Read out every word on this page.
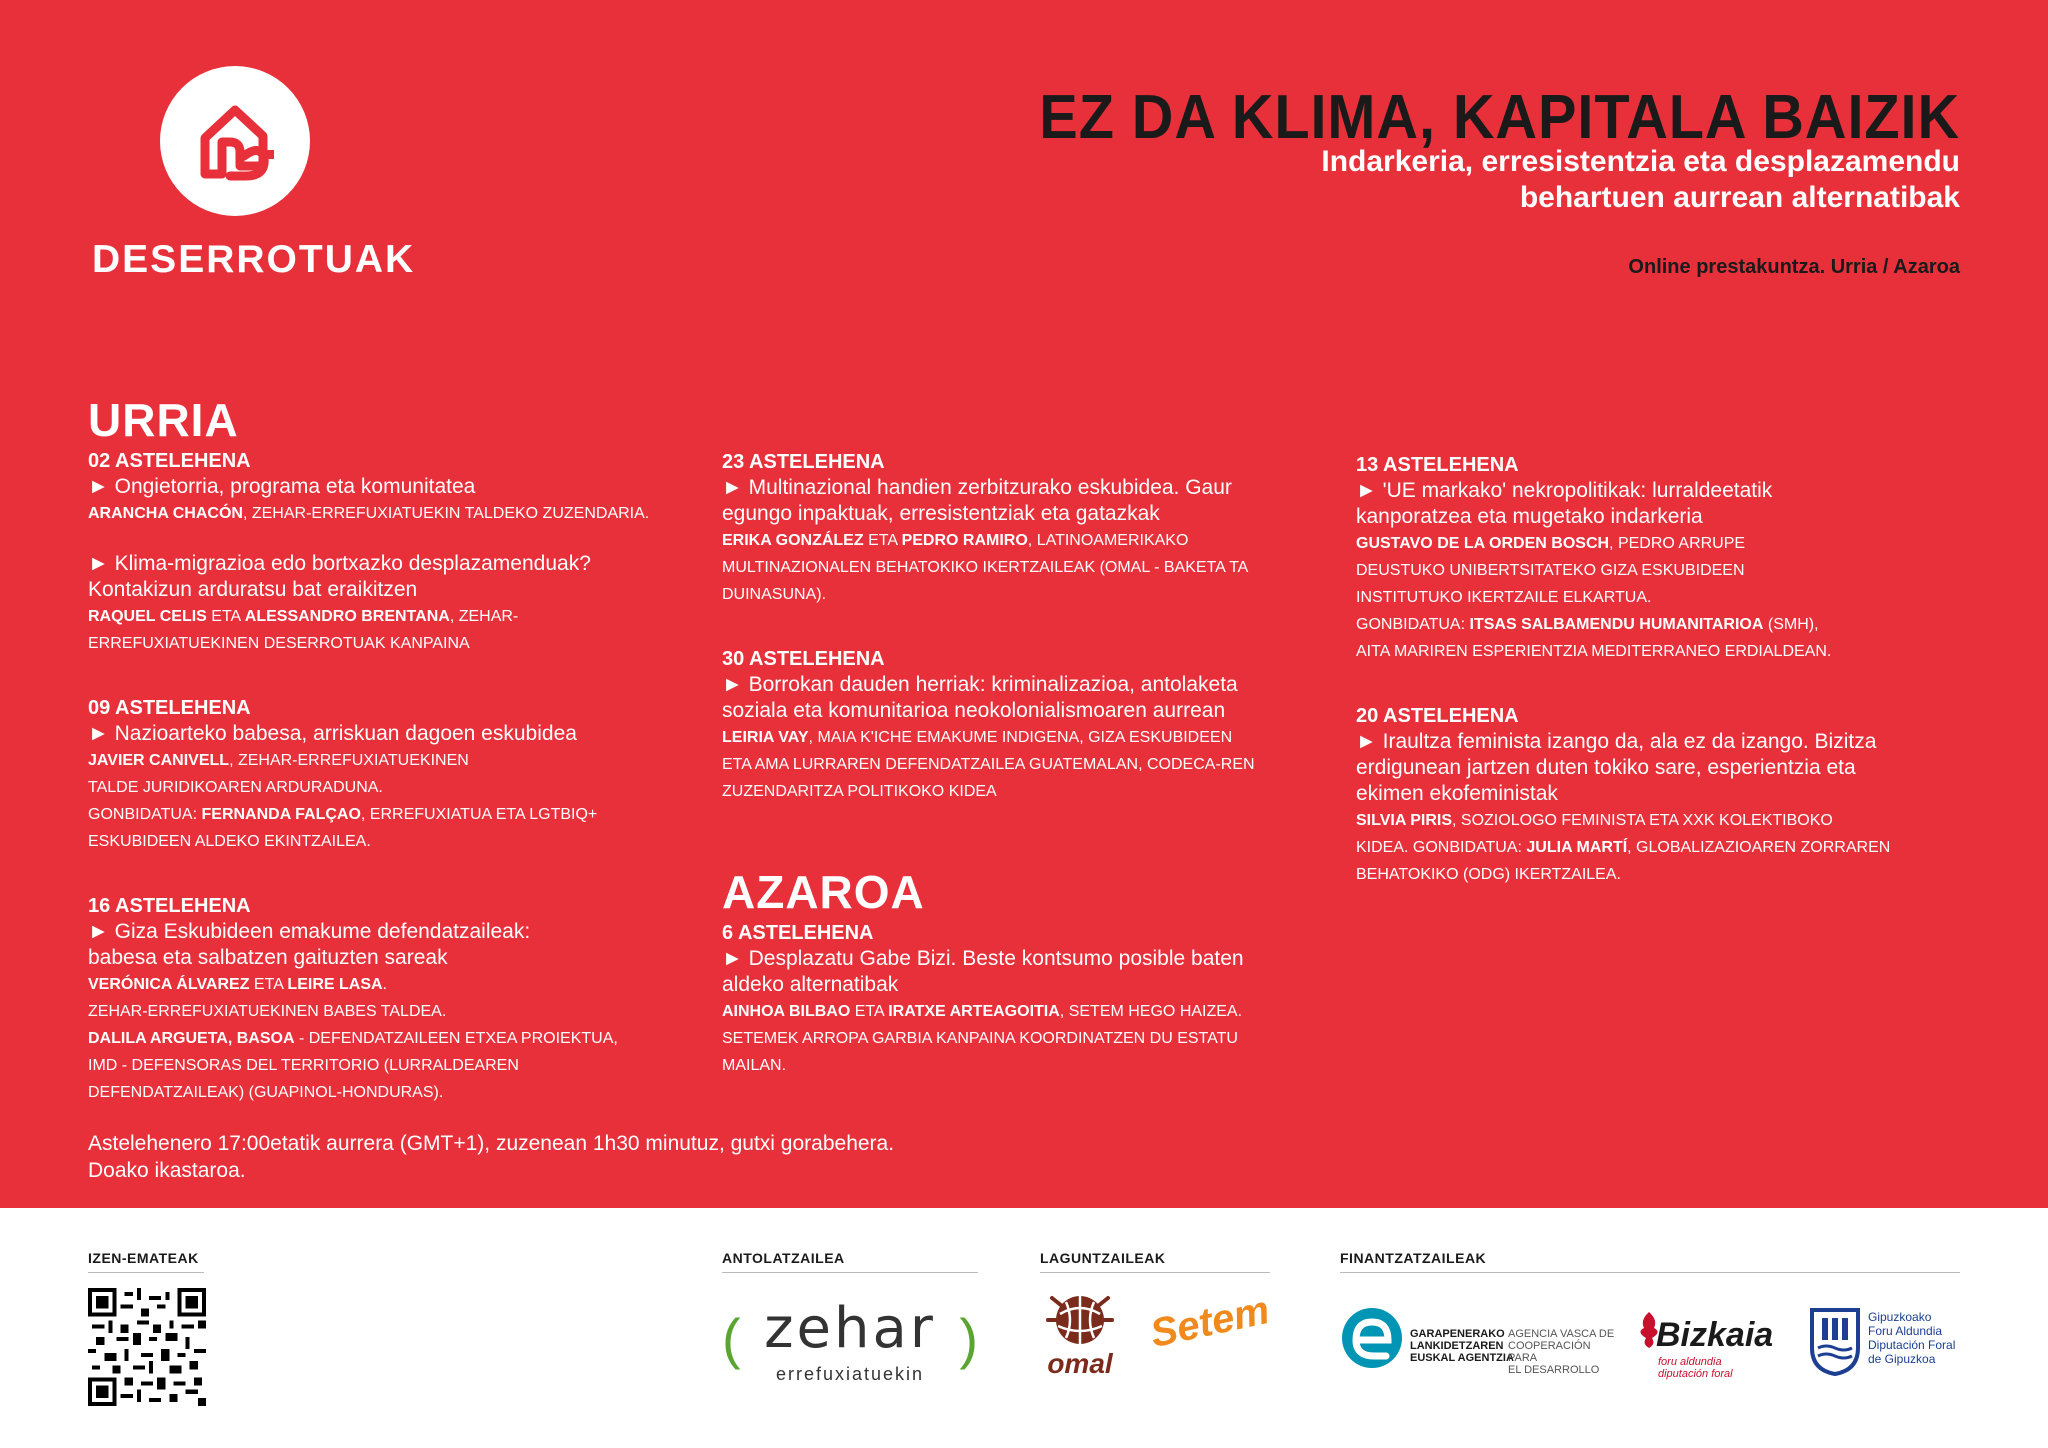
DESERROTUAK
EZ DA KLIMA, KAPITALA BAIZIK
Indarkeria, erresistentzia eta desplazamendu
behartuen aurrean alternatibak
Online prestakuntza. Urria / Azaroa
URRIA
02 ASTELEHENA
► Ongietorria, programa eta komunitatea
ARANCHA CHACÓN, ZEHAR-ERREFUXIATUEKIN TALDEKO ZUZENDARIA.
► Klima-migrazioa edo bortxazko desplazamenduak?
Kontakizun arduratsu bat eraikitzen
RAQUEL CELIS ETA ALESSANDRO BRENTANA, ZEHAR-
ERREFUXIATUEKINEN DESERROTUAK KANPAINA
09 ASTELEHENA
► Nazioarteko babesa, arriskuan dagoen eskubidea
JAVIER CANIVELL, ZEHAR-ERREFUXIATUEKINEN
TALDE JURIDIKOAREN ARDURADUNA.
GONBIDATUA: FERNANDA FALÇAO, ERREFUXIATUA ETA LGTBIQ+
ESKUBIDEEN ALDEKO EKINTZAILEA.
16 ASTELEHENA
► Giza Eskubideen emakume defendatzaileak:
babesa eta salbatzen gaituzten sareak
VERÓNICA ÁLVAREZ ETA LEIRE LASA.
ZEHAR-ERREFUXIATUEKINEN BABES TALDEA.
DALILA ARGUETA, BASOA - DEFENDATZAILEEN ETXEA PROIEKTUA,
IMD - DEFENSORAS DEL TERRITORIO (LURRALDEAREN
DEFENDATZAILEAK) (GUAPINOL-HONDURAS).
23 ASTELEHENA
► Multinazional handien zerbitzurako eskubidea. Gaur
egungo inpaktuak, erresistentziak eta gatazkak
ERIKA GONZÁLEZ ETA PEDRO RAMIRO, LATINOAMERIKAKO
MULTINAZIONALEN BEHATOKIKO IKERTZAILEAK (OMAL - BAKETA TA
DUINASUNA).
30 ASTELEHENA
► Borrokan dauden herriak: kriminalizazioa, antolaketa
soziala eta komunitarioa neokolonialismoaren aurrean
LEIRIA VAY, MAIA K'ICHE EMAKUME INDIGENA, GIZA ESKUBIDEEN
ETA AMA LURRAREN DEFENDATZAILEA GUATEMALAN, CODECA-REN
ZUZENDARITZA POLITIKOKO KIDEA
AZAROA
6 ASTELEHENA
► Desplazatu Gabe Bizi. Beste kontsumo posible baten
aldeko alternatibak
AINHOA BILBAO ETA IRATXE ARTEAGOITIA, SETEM HEGO HAIZEA.
SETEMEK ARROPA GARBIA KANPAINA KOORDINATZEN DU ESTATU
MAILAN.
13 ASTELEHENA
► 'UE markako' nekropolitikak: lurraldeetatik
kanporatzea eta mugetako indarkeria
GUSTAVO DE LA ORDEN BOSCH, PEDRO ARRUPE
DEUSTUKO UNIBERTSITATEKO GIZA ESKUBIDEEN
INSTITUTUKO IKERTZAILE ELKARTUA.
GONBIDATUA: ITSAS SALBAMENDU HUMANITARIOA (SMH),
AITA MARIREN ESPERIENTZIA MEDITERRANEO ERDIALDEAN.
20 ASTELEHENA
► Iraultza feminista izango da, ala ez da izango. Bizitza
erdigunean jartzen duten tokiko sare, esperientzia eta
ekimen ekofeministak
SILVIA PIRIS, SOZIOLOGO FEMINISTA ETA XXK KOLEKTIBOKO
KIDEA. GONBIDATUA: JULIA MARTÍ, GLOBALIZAZIOAREN ZORRAREN
BEHATOKIKO (ODG) IKERTZAILEA.
Astelehenero 17:00etatik aurrera (GMT+1), zuzenean 1h30 minutuz, gutxi gorabehera.
Doako ikastaroa.
IZEN-EMATEAK	ANTOLATZAILEA	LAGUNTZAILEAK	FINANTZATZAILEAK
( zehar )
errefuxiatuekin	omal
Setem	GARAPENERAKO
LANKIDETZAREN
EUSKAL AGENTZIA
AGENCIA VASCA DE
COOPERACIÓN PARA
EL DESARROLLO
Bizkaia
foru aldundia
diputación foral
Gipuzkoako
Foru Aldundia
Diputación Foral
de Gipuzkoa
